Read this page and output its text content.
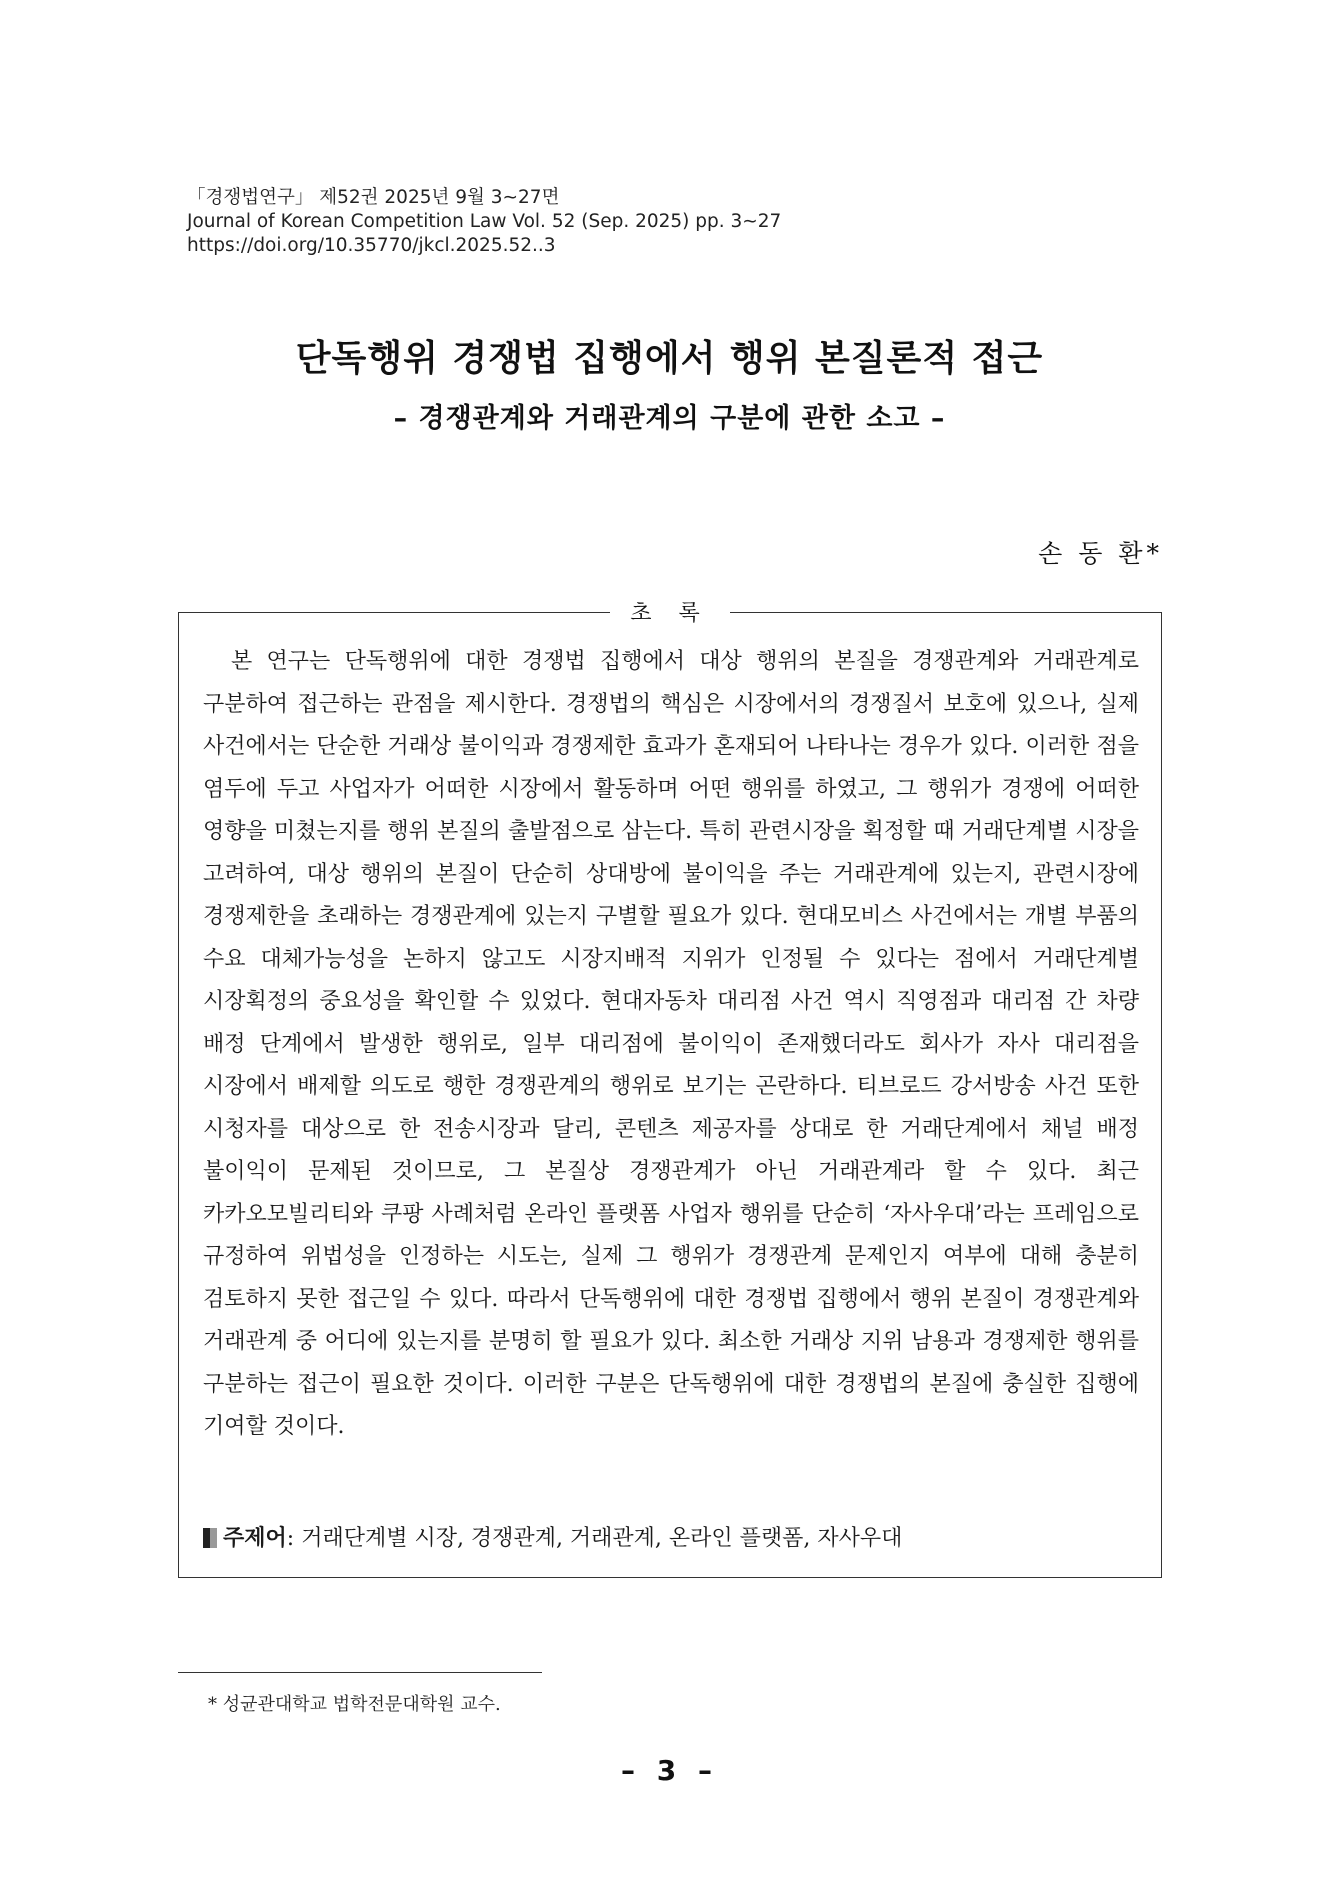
「경쟁법연구」 제52권 2025년 9월 3∼27면
Journal of Korean Competition Law Vol. 52 (Sep. 2025) pp. 3∼27
https://doi.org/10.35770/jkcl.2025.52..3
단독행위 경쟁법 집행에서 행위 본질론적 접근
– 경쟁관계와 거래관계의 구분에 관한 소고 –
손 동 환*
초 록
본 연구는 단독행위에 대한 경쟁법 집행에서 대상 행위의 본질을 경쟁관계와 거래관계로 구분하여 접근하는 관점을 제시한다. 경쟁법의 핵심은 시장에서의 경쟁질서 보호에 있으나, 실제 사건에서는 단순한 거래상 불이익과 경쟁제한 효과가 혼재되어 나타나는 경우가 있다. 이러한 점을 염두에 두고 사업자가 어떠한 시장에서 활동하며 어떤 행위를 하였고, 그 행위가 경쟁에 어떠한 영향을 미쳤는지를 행위 본질의 출발점으로 삼는다. 특히 관련시장을 획정할 때 거래단계별 시장을 고려하여, 대상 행위의 본질이 단순히 상대방에 불이익을 주는 거래관계에 있는지, 관련시장에 경쟁제한을 초래하는 경쟁관계에 있는지 구별할 필요가 있다. 현대모비스 사건에서는 개별 부품의 수요 대체가능성을 논하지 않고도 시장지배적 지위가 인정될 수 있다는 점에서 거래단계별 시장획정의 중요성을 확인할 수 있었다. 현대자동차 대리점 사건 역시 직영점과 대리점 간 차량 배정 단계에서 발생한 행위로, 일부 대리점에 불이익이 존재했더라도 회사가 자사 대리점을 시장에서 배제할 의도로 행한 경쟁관계의 행위로 보기는 곤란하다. 티브로드 강서방송 사건 또한 시청자를 대상으로 한 전송시장과 달리, 콘텐츠 제공자를 상대로 한 거래단계에서 채널 배정 불이익이 문제된 것이므로, 그 본질상 경쟁관계가 아닌 거래관계라 할 수 있다. 최근 카카오모빌리티와 쿠팡 사례처럼 온라인 플랫폼 사업자 행위를 단순히 ‘자사우대’라는 프레임으로 규정하여 위법성을 인정하는 시도는, 실제 그 행위가 경쟁관계 문제인지 여부에 대해 충분히 검토하지 못한 접근일 수 있다. 따라서 단독행위에 대한 경쟁법 집행에서 행위 본질이 경쟁관계와 거래관계 중 어디에 있는지를 분명히 할 필요가 있다. 최소한 거래상 지위 남용과 경쟁제한 행위를 구분하는 접근이 필요한 것이다. 이러한 구분은 단독행위에 대한 경쟁법의 본질에 충실한 집행에 기여할 것이다.
주제어: 거래단계별 시장, 경쟁관계, 거래관계, 온라인 플랫폼, 자사우대
* 성균관대학교 법학전문대학원 교수.
– 3 –
